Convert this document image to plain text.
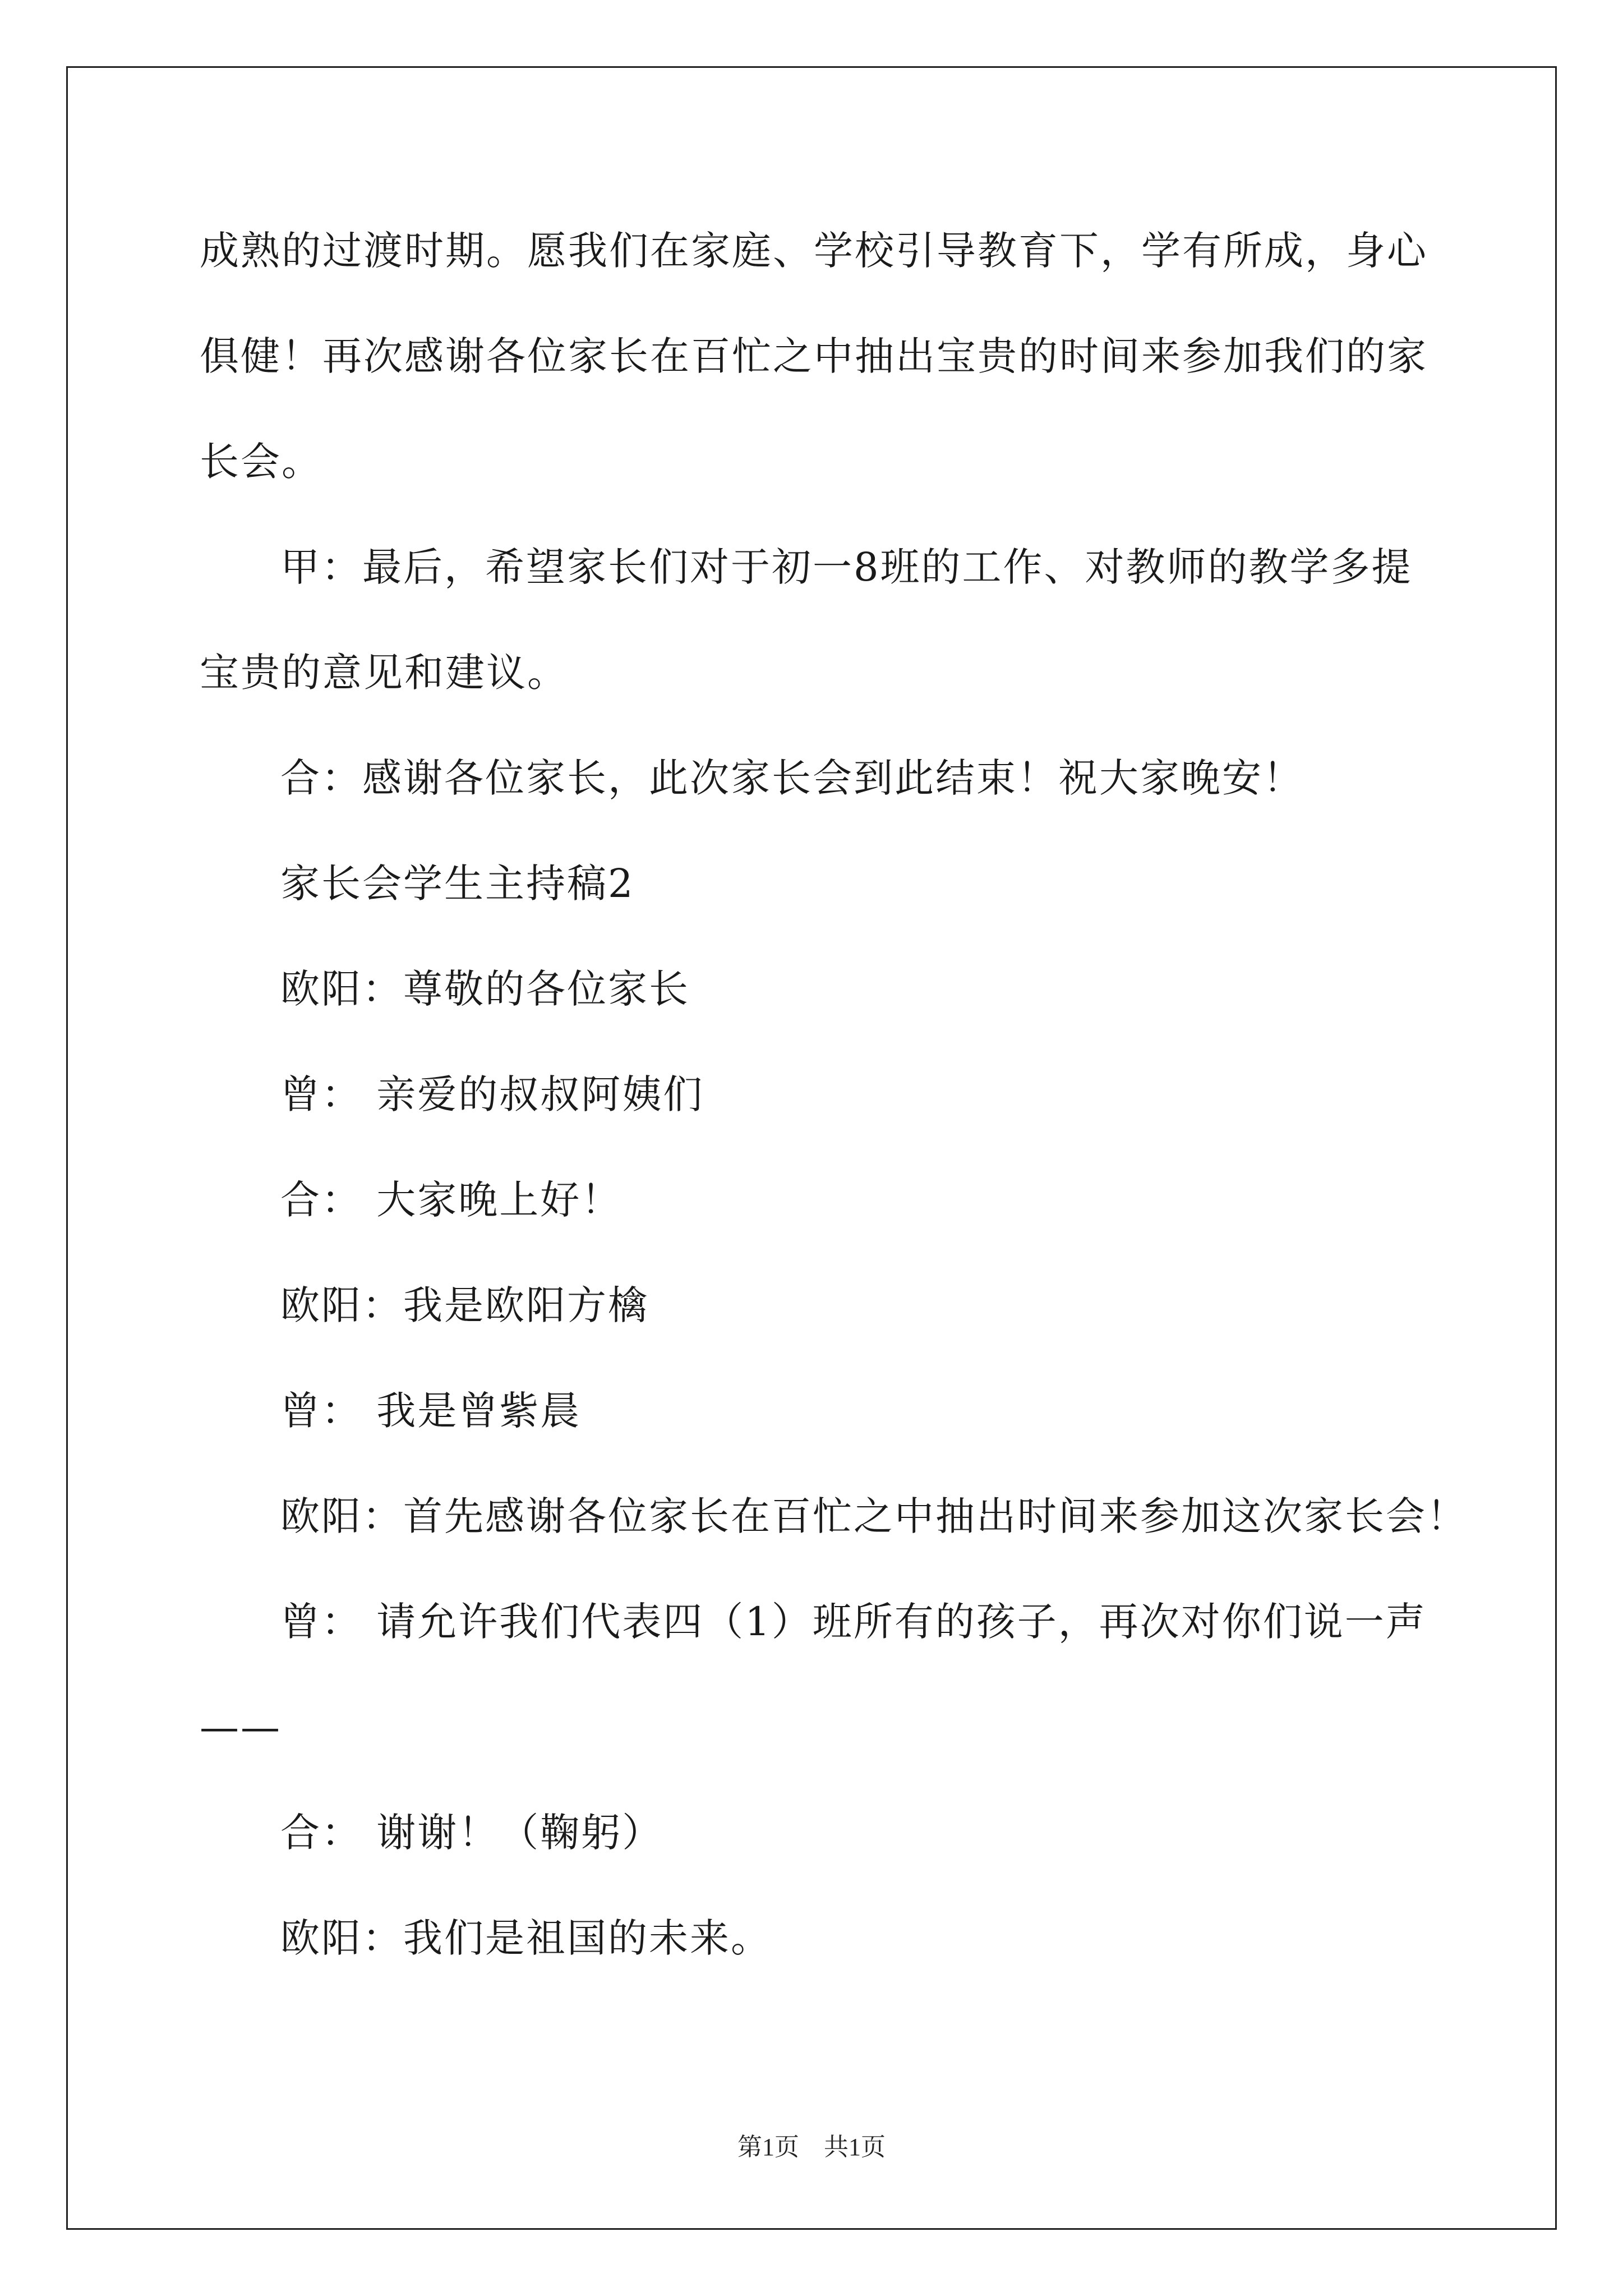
成熟的过渡时期。愿我们在家庭、学校引导教育下，学有所成，身心
俱健！再次感谢各位家长在百忙之中抽出宝贵的时间来参加我们的家
长会。
甲：最后，希望家长们对于初一8班的工作、对教师的教学多提
宝贵的意见和建议。
合：感谢各位家长，此次家长会到此结束！祝大家晚安！
家长会学生主持稿2
欧阳：尊敬的各位家长
曾： 亲爱的叔叔阿姨们
合： 大家晚上好！
欧阳：我是欧阳方檎
曾： 我是曾紫晨
欧阳：首先感谢各位家长在百忙之中抽出时间来参加这次家长会！
曾： 请允许我们代表四（1）班所有的孩子，再次对你们说一声
——
合： 谢谢！（鞠躬）
欧阳：我们是祖国的未来。
第1页　共1页
